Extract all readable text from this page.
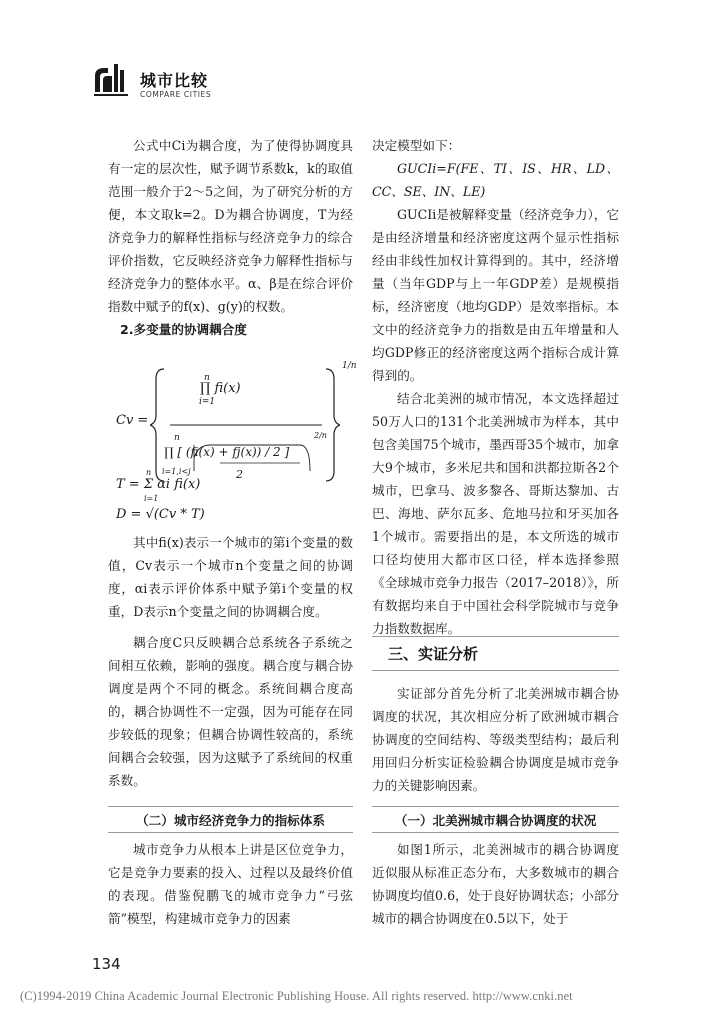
城市比较
COMPARE CITIES

公式中Ci为耦合度，为了使得协调度具有一定的层次性，赋予调节系数k，k的取值范围一般介于2～5之间，为了研究分析的方便，本文取k=2。D为耦合协调度，T为经济竞争力的解释性指标与经济竞争力的综合评价指数，它反映经济竞争力解释性指标与经济竞争力的整体水平。α、β是在综合评价指数中赋予的f(x)、g(y)的权数。

2.多变量的协调耦合度
Cv =
n
i=1
∏ fi(x)
n
i=1,i<j
∏ [ (fi(x) + fj(x)) / 2 ]
2
2/n
1/n
n
T = Σ αi fi(x)
i=1
D = √(Cv * T)

其中fi(x)表示一个城市的第i个变量的数值，Cv表示一个城市n个变量之间的协调度，αi表示评价体系中赋予第i个变量的权重，D表示n个变量之间的协调耦合度。

耦合度C只反映耦合总系统各子系统之间相互依赖，影响的强度。耦合度与耦合协调度是两个不同的概念。系统间耦合度高的，耦合协调性不一定强，因为可能存在同步较低的现象；但耦合协调性较高的，系统间耦合会较强，因为这赋予了系统间的权重系数。

（二）城市经济竞争力的指标体系

城市竞争力从根本上讲是区位竞争力，它是竞争力要素的投入、过程以及最终价值的表现。借鉴倪鹏飞的城市竞争力“弓弦箭”模型，构建城市竞争力的因素

决定模型如下：

GUCIi=F(FE、TI、IS、HR、LD、CC、SE、IN、LE)

GUCIi是被解释变量（经济竞争力），它是由经济增量和经济密度这两个显示性指标经由非线性加权计算得到的。其中，经济增量（当年GDP与上一年GDP差）是规模指标，经济密度（地均GDP）是效率指标。本文中的经济竞争力的指数是由五年增量和人均GDP修正的经济密度这两个指标合成计算得到的。

结合北美洲的城市情况，本文选择超过50万人口的131个北美洲城市为样本，其中包含美国75个城市，墨西哥35个城市，加拿大9个城市，多米尼共和国和洪都拉斯各2个城市，巴拿马、波多黎各、哥斯达黎加、古巴、海地、萨尔瓦多、危地马拉和牙买加各1个城市。需要指出的是，本文所选的城市口径均使用大都市区口径，样本选择参照《全球城市竞争力报告（2017–2018）》，所有数据均来自于中国社会科学院城市与竞争力指数数据库。

三、实证分析

实证部分首先分析了北美洲城市耦合协调度的状况，其次相应分析了欧洲城市耦合协调度的空间结构、等级类型结构；最后利用回归分析实证检验耦合协调度是城市竞争力的关键影响因素。

（一）北美洲城市耦合协调度的状况

如图1所示，北美洲城市的耦合协调度近似服从标准正态分布，大多数城市的耦合协调度均值0.6，处于良好协调状态；小部分城市的耦合协调度在0.5以下，处于

134
(C)1994-2019 China Academic Journal Electronic Publishing House. All rights reserved. http://www.cnki.net
